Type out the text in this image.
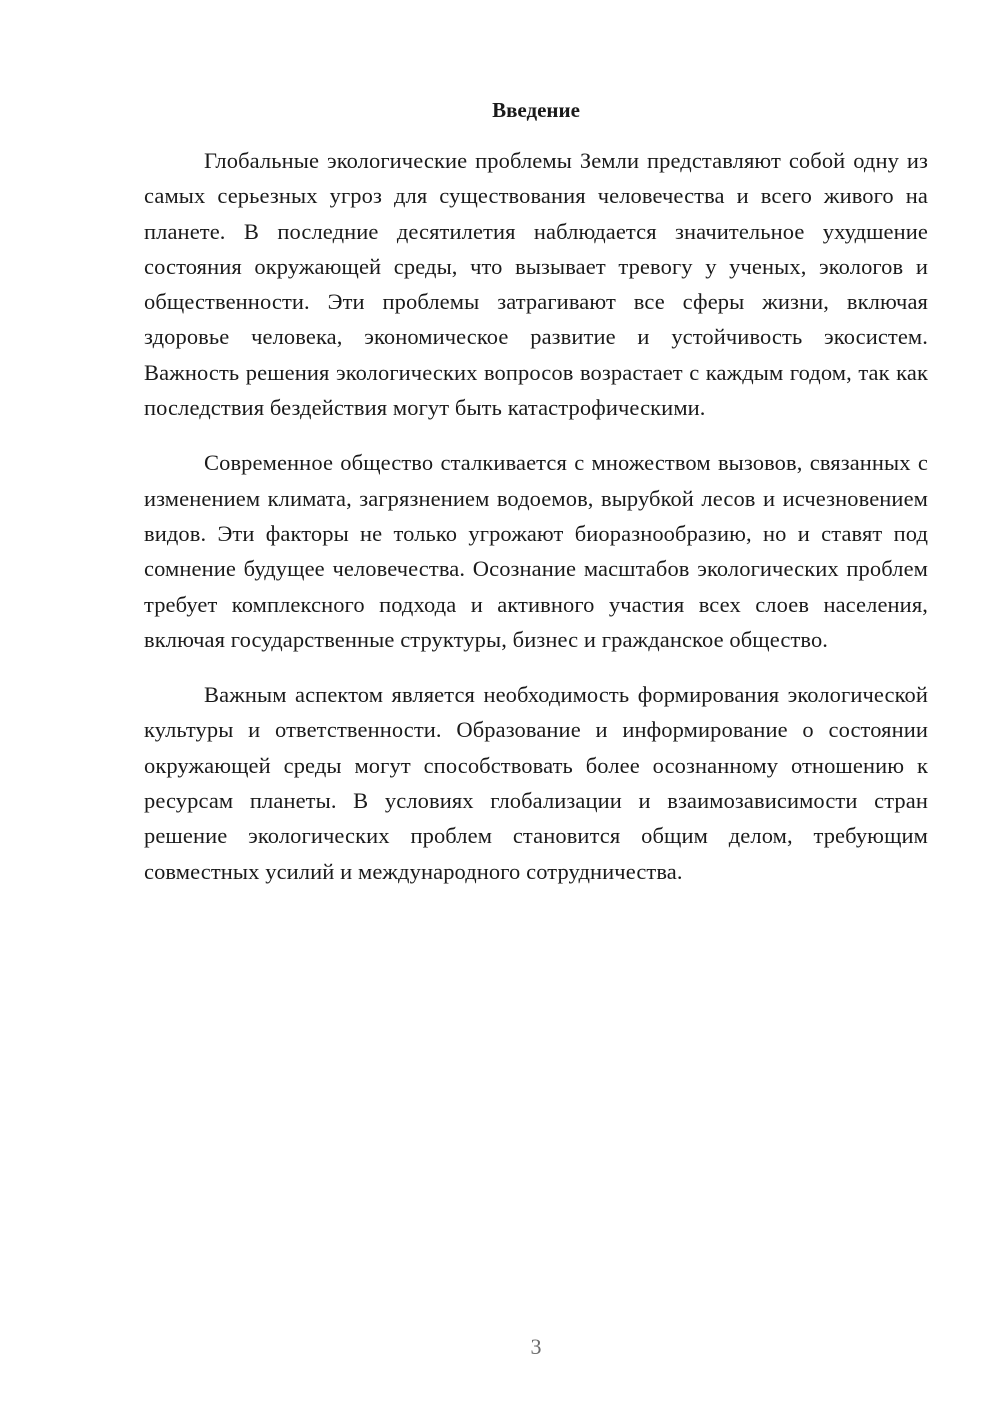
Введение

Глобальные экологические проблемы Земли представляют собой одну из самых серьезных угроз для существования человечества и всего живого на планете. В последние десятилетия наблюдается значительное ухудшение состояния окружающей среды, что вызывает тревогу у ученых, экологов и общественности. Эти проблемы затрагивают все сферы жизни, включая здоровье человека, экономическое развитие и устойчивость экосистем. Важность решения экологических вопросов возрастает с каждым годом, так как последствия бездействия могут быть катастрофическими.

Современное общество сталкивается с множеством вызовов, связанных с изменением климата, загрязнением водоемов, вырубкой лесов и исчезновением видов. Эти факторы не только угрожают биоразнообразию, но и ставят под сомнение будущее человечества. Осознание масштабов экологических проблем требует комплексного подхода и активного участия всех слоев населения, включая государственные структуры, бизнес и гражданское общество.

Важным аспектом является необходимость формирования экологической культуры и ответственности. Образование и информирование о состоянии окружающей среды могут способствовать более осознанному отношению к ресурсам планеты. В условиях глобализации и взаимозависимости стран решение экологических проблем становится общим делом, требующим совместных усилий и международного сотрудничества.

3
